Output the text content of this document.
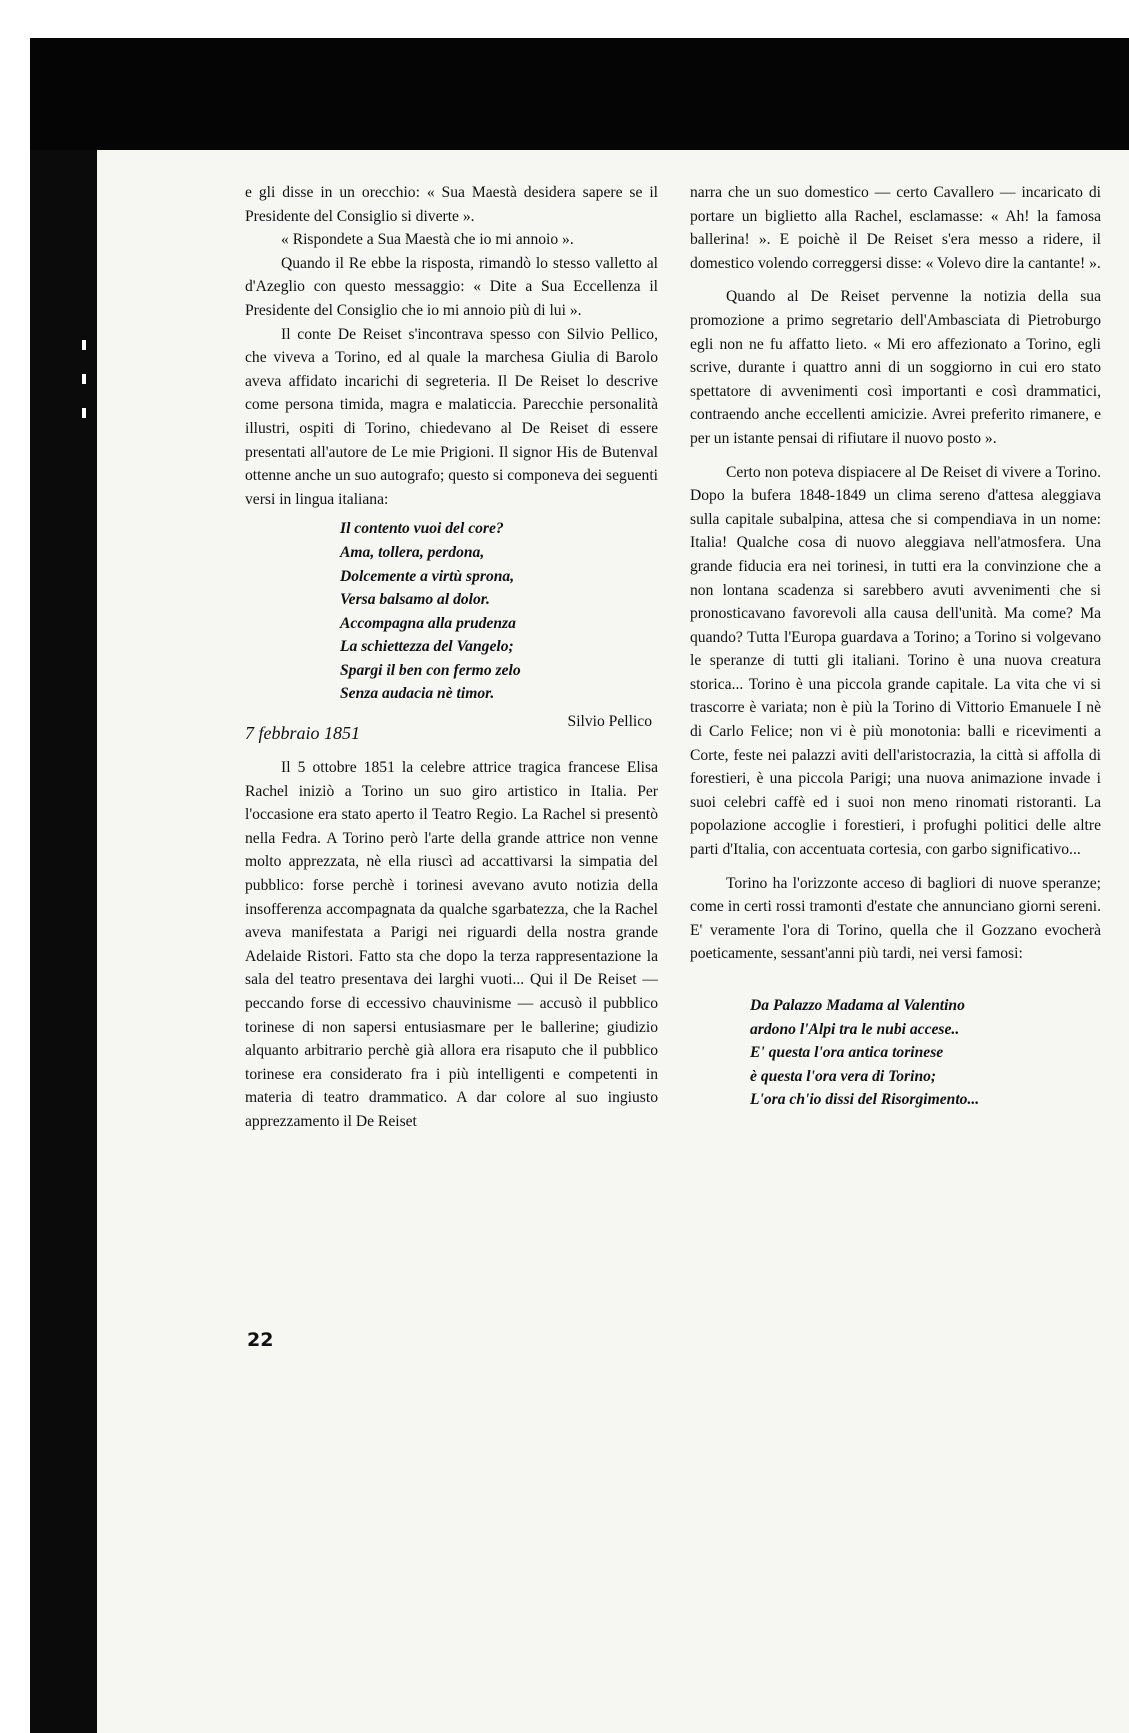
e gli disse in un orecchio: « Sua Maestà desidera sapere se il Presidente del Consiglio si diverte ».

« Rispondete a Sua Maestà che io mi annoio ».

Quando il Re ebbe la risposta, rimandò lo stesso valletto al d'Azeglio con questo messaggio: « Dite a Sua Eccellenza il Presidente del Consiglio che io mi annoio più di lui ».

Il conte De Reiset s'incontrava spesso con Silvio Pellico, che viveva a Torino, ed al quale la marchesa Giulia di Barolo aveva affidato incarichi di segreteria. Il De Reiset lo descrive come persona timida, magra e malaticcia. Parecchie personalità illustri, ospiti di Torino, chiedevano al De Reiset di essere presentati all'autore de Le mie Prigioni. Il signor His de Butenval ottenne anche un suo autografo; questo si componeva dei seguenti versi in lingua italiana:

Il contento vuoi del core?
Ama, tollera, perdona,
Dolcemente a virtù sprona,
Versa balsamo al dolor.
Accompagna alla prudenza
La schiettezza del Vangelo;
Spargi il ben con fermo zelo
Senza audacia nè timor.
7 febbraio 1851
Silvio Pellico

Il 5 ottobre 1851 la celebre attrice tragica francese Elisa Rachel iniziò a Torino un suo giro artistico in Italia. Per l'occasione era stato aperto il Teatro Regio. La Rachel si presentò nella Fedra. A Torino però l'arte della grande attrice non venne molto apprezzata, nè ella riuscì ad accattivarsi la simpatia del pubblico: forse perchè i torinesi avevano avuto notizia della insofferenza accompagnata da qualche sgarbatezza, che la Rachel aveva manifestata a Parigi nei riguardi della nostra grande Adelaide Ristori. Fatto sta che dopo la terza rappresentazione la sala del teatro presentava dei larghi vuoti... Qui il De Reiset — peccando forse di eccessivo chauvinisme — accusò il pubblico torinese di non sapersi entusiasmare per le ballerine; giudizio alquanto arbitrario perchè già allora era risaputo che il pubblico torinese era considerato fra i più intelligenti e competenti in materia di teatro drammatico. A dar colore al suo ingiusto apprezzamento il De Reiset

narra che un suo domestico — certo Cavallero — incaricato di portare un biglietto alla Rachel, esclamasse: « Ah! la famosa ballerina! ». E poichè il De Reiset s'era messo a ridere, il domestico volendo correggersi disse: « Volevo dire la cantante! ».

Quando al De Reiset pervenne la notizia della sua promozione a primo segretario dell'Ambasciata di Pietroburgo egli non ne fu affatto lieto. « Mi ero affezionato a Torino, egli scrive, durante i quattro anni di un soggiorno in cui ero stato spettatore di avvenimenti così importanti e così drammatici, contraendo anche eccellenti amicizie. Avrei preferito rimanere, e per un istante pensai di rifiutare il nuovo posto ».

Certo non poteva dispiacere al De Reiset di vivere a Torino. Dopo la bufera 1848-1849 un clima sereno d'attesa aleggiava sulla capitale subalpina, attesa che si compendiava in un nome: Italia! Qualche cosa di nuovo aleggiava nell'atmosfera. Una grande fiducia era nei torinesi, in tutti era la convinzione che a non lontana scadenza si sarebbero avuti avvenimenti che si pronosticavano favorevoli alla causa dell'unità. Ma come? Ma quando? Tutta l'Europa guardava a Torino; a Torino si volgevano le speranze di tutti gli italiani. Torino è una nuova creatura storica... Torino è una piccola grande capitale. La vita che vi si trascorre è variata; non è più la Torino di Vittorio Emanuele I nè di Carlo Felice; non vi è più monotonia: balli e ricevimenti a Corte, feste nei palazzi aviti dell'aristocrazia, la città si affolla di forestieri, è una piccola Parigi; una nuova animazione invade i suoi celebri caffè ed i suoi non meno rinomati ristoranti. La popolazione accoglie i forestieri, i profughi politici delle altre parti d'Italia, con accentuata cortesia, con garbo significativo...

Torino ha l'orizzonte acceso di bagliori di nuove speranze; come in certi rossi tramonti d'estate che annunciano giorni sereni. E' veramente l'ora di Torino, quella che il Gozzano evocherà poeticamente, sessant'anni più tardi, nei versi famosi:

Da Palazzo Madama al Valentino
ardono l'Alpi tra le nubi accese..
E' questa l'ora antica torinese
è questa l'ora vera di Torino;
L'ora ch'io dissi del Risorgimento...
22
